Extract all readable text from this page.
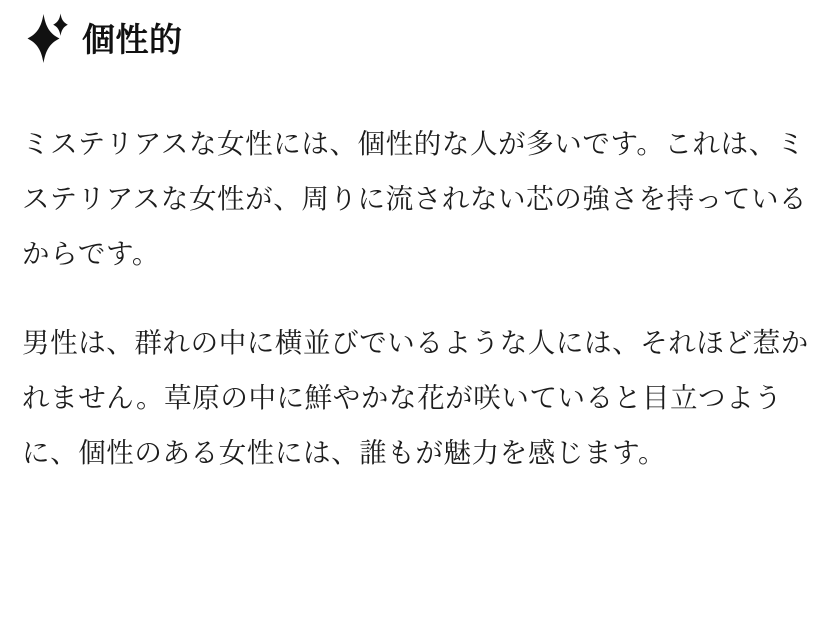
個性的

ミステリアスな女性には、個性的な人が多いです。これは、ミステリアスな女性が、周りに流されない芯の強さを持っているからです。

男性は、群れの中に横並びでいるような人には、それほど惹かれません。草原の中に鮮やかな花が咲いていると目立つように、個性のある女性には、誰もが魅力を感じます。
